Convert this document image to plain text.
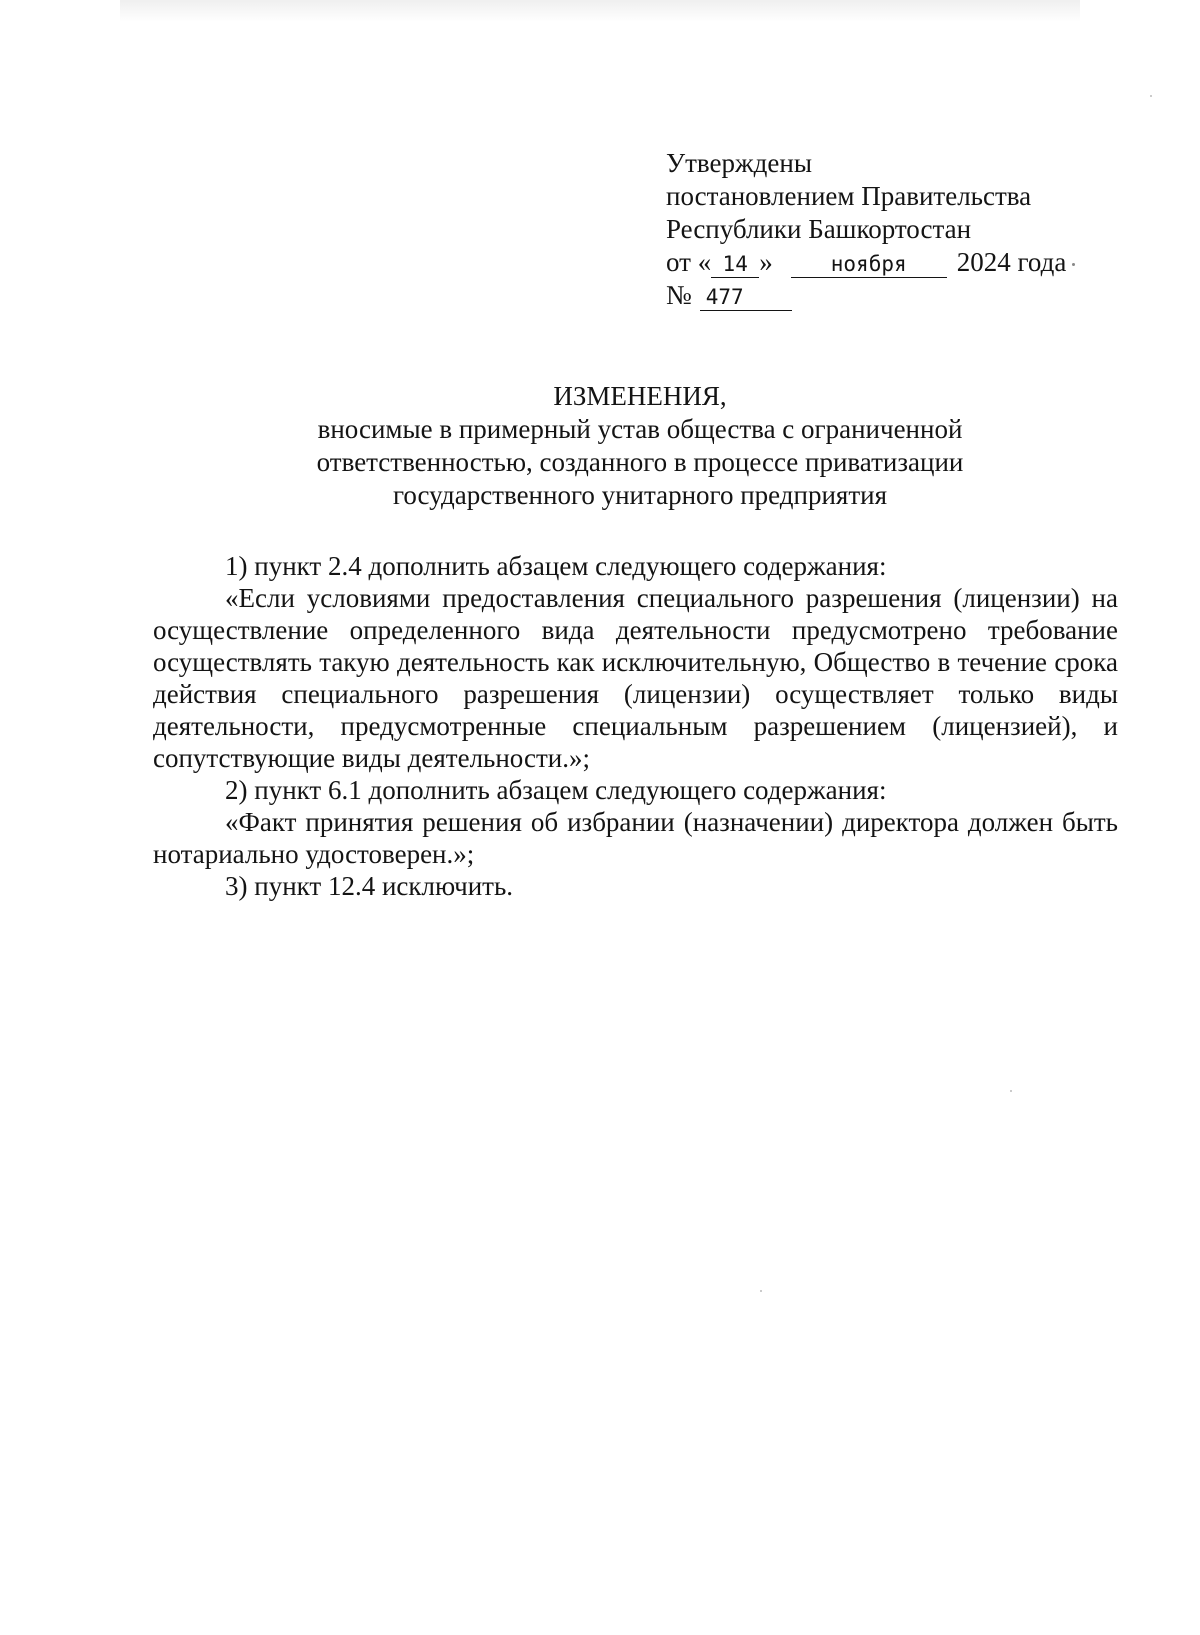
Утверждены
постановлением Правительства
Республики Башкортостан
от « 14 »	ноября 2024 года
№ 477
ИЗМЕНЕНИЯ,
вносимые в примерный устав общества с ограниченной
ответственностью, созданного в процессе приватизации
государственного унитарного предприятия

1) пункт 2.4 дополнить абзацем следующего содержания:

«Если условиями предоставления специального разрешения (лицензии) на осуществление определенного вида деятельности предусмотрено требование осуществлять такую деятельность как исключительную, Общество в течение срока действия специального разрешения (лицензии) осуществляет только виды деятельности, предусмотренные специальным разрешением (лицензией), и сопутствующие виды деятельности.»;

2) пункт 6.1 дополнить абзацем следующего содержания:

«Факт принятия решения об избрании (назначении) директора должен быть нотариально удостоверен.»;

3) пункт 12.4 исключить.
